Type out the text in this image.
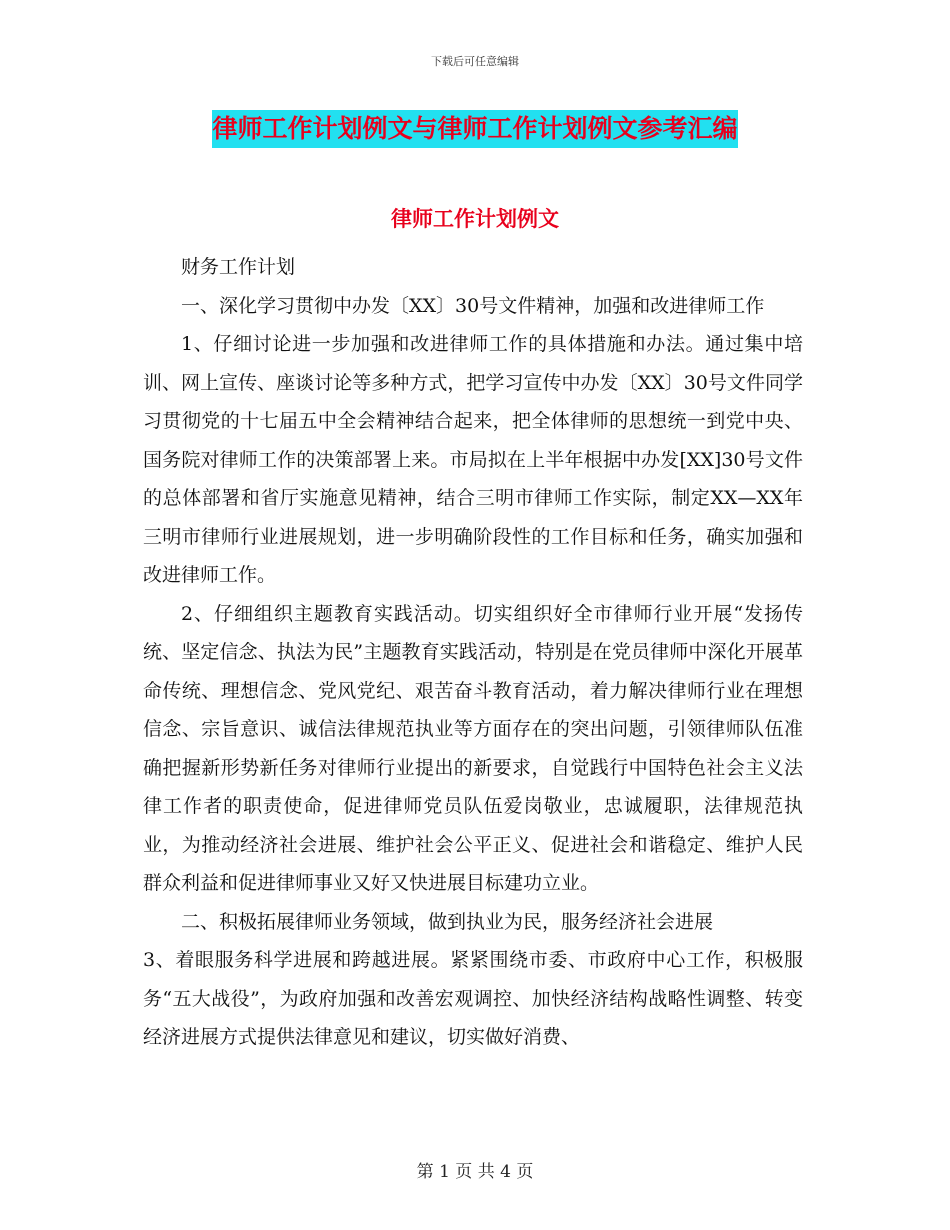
下载后可任意编辑
律师工作计划例文与律师工作计划例文参考汇编
律师工作计划例文

财务工作计划

一、深化学习贯彻中办发〔XX〕30号文件精神，加强和改进律师工作

1、仔细讨论进一步加强和改进律师工作的具体措施和办法。通过集中培训、网上宣传、座谈讨论等多种方式，把学习宣传中办发〔XX〕30号文件同学习贯彻党的十七届五中全会精神结合起来，把全体律师的思想统一到党中央、国务院对律师工作的决策部署上来。市局拟在上半年根据中办发[XX]30号文件的总体部署和省厅实施意见精神，结合三明市律师工作实际，制定XX—XX年三明市律师行业进展规划，进一步明确阶段性的工作目标和任务，确实加强和改进律师工作。

2、仔细组织主题教育实践活动。切实组织好全市律师行业开展“发扬传统、坚定信念、执法为民”主题教育实践活动，特别是在党员律师中深化开展革命传统、理想信念、党风党纪、艰苦奋斗教育活动，着力解决律师行业在理想信念、宗旨意识、诚信法律规范执业等方面存在的突出问题，引领律师队伍准确把握新形势新任务对律师行业提出的新要求，自觉践行中国特色社会主义法律工作者的职责使命，促进律师党员队伍爱岗敬业，忠诚履职，法律规范执业，为推动经济社会进展、维护社会公平正义、促进社会和谐稳定、维护人民群众利益和促进律师事业又好又快进展目标建功立业。

二、积极拓展律师业务领域，做到执业为民，服务经济社会进展

3、着眼服务科学进展和跨越进展。紧紧围绕市委、市政府中心工作，积极服务“五大战役”，为政府加强和改善宏观调控、加快经济结构战略性调整、转变经济进展方式提供法律意见和建议，切实做好消费、

第 1 页 共 4 页
